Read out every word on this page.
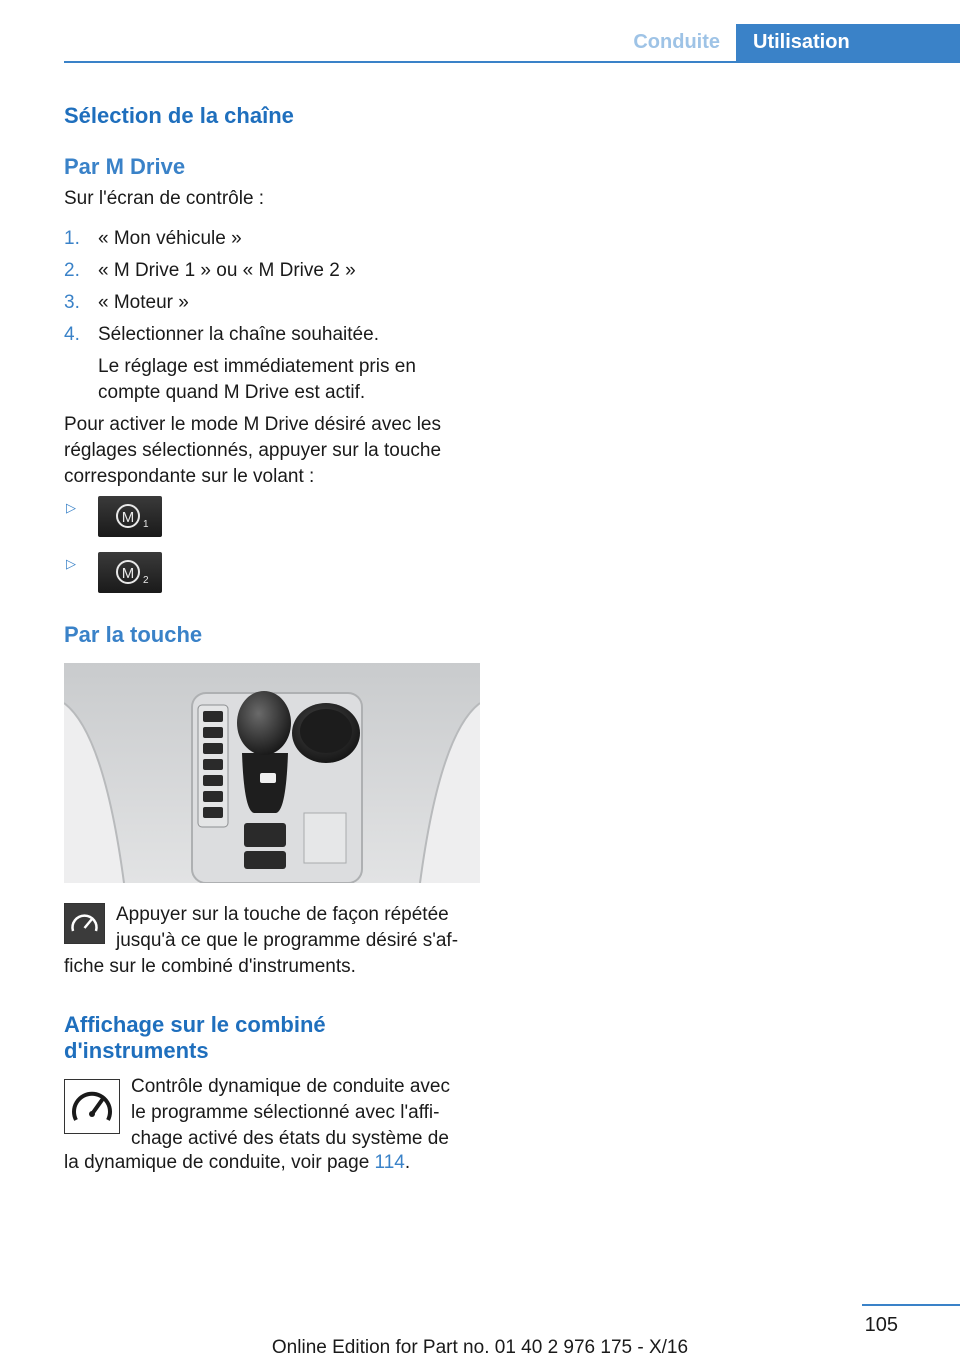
Conduite	Utilisation
Sélection de la chaîne
Par M Drive
Sur l'écran de contrôle :
1. « Mon véhicule »
2. « M Drive 1 » ou « M Drive 2 »
3. « Moteur »
4. Sélectionner la chaîne souhaitée.
Le réglage est immédiatement pris en
compte quand M Drive est actif.
Pour activer le mode M Drive désiré avec les
réglages sélectionnés, appuyer sur la touche
correspondante sur le volant :
▷
M 1
▷
M 2
Par la touche
Appuyer sur la touche de façon répétée
jusqu'à ce que le programme désiré s'af-
fiche sur le combiné d'instruments.
Affichage sur le combiné
d'instruments
Contrôle dynamique de conduite avec
le programme sélectionné avec l'affi-
chage activé des états du système de
la dynamique de conduite, voir page 114.
105
Online Edition for Part no. 01 40 2 976 175 - X/16
